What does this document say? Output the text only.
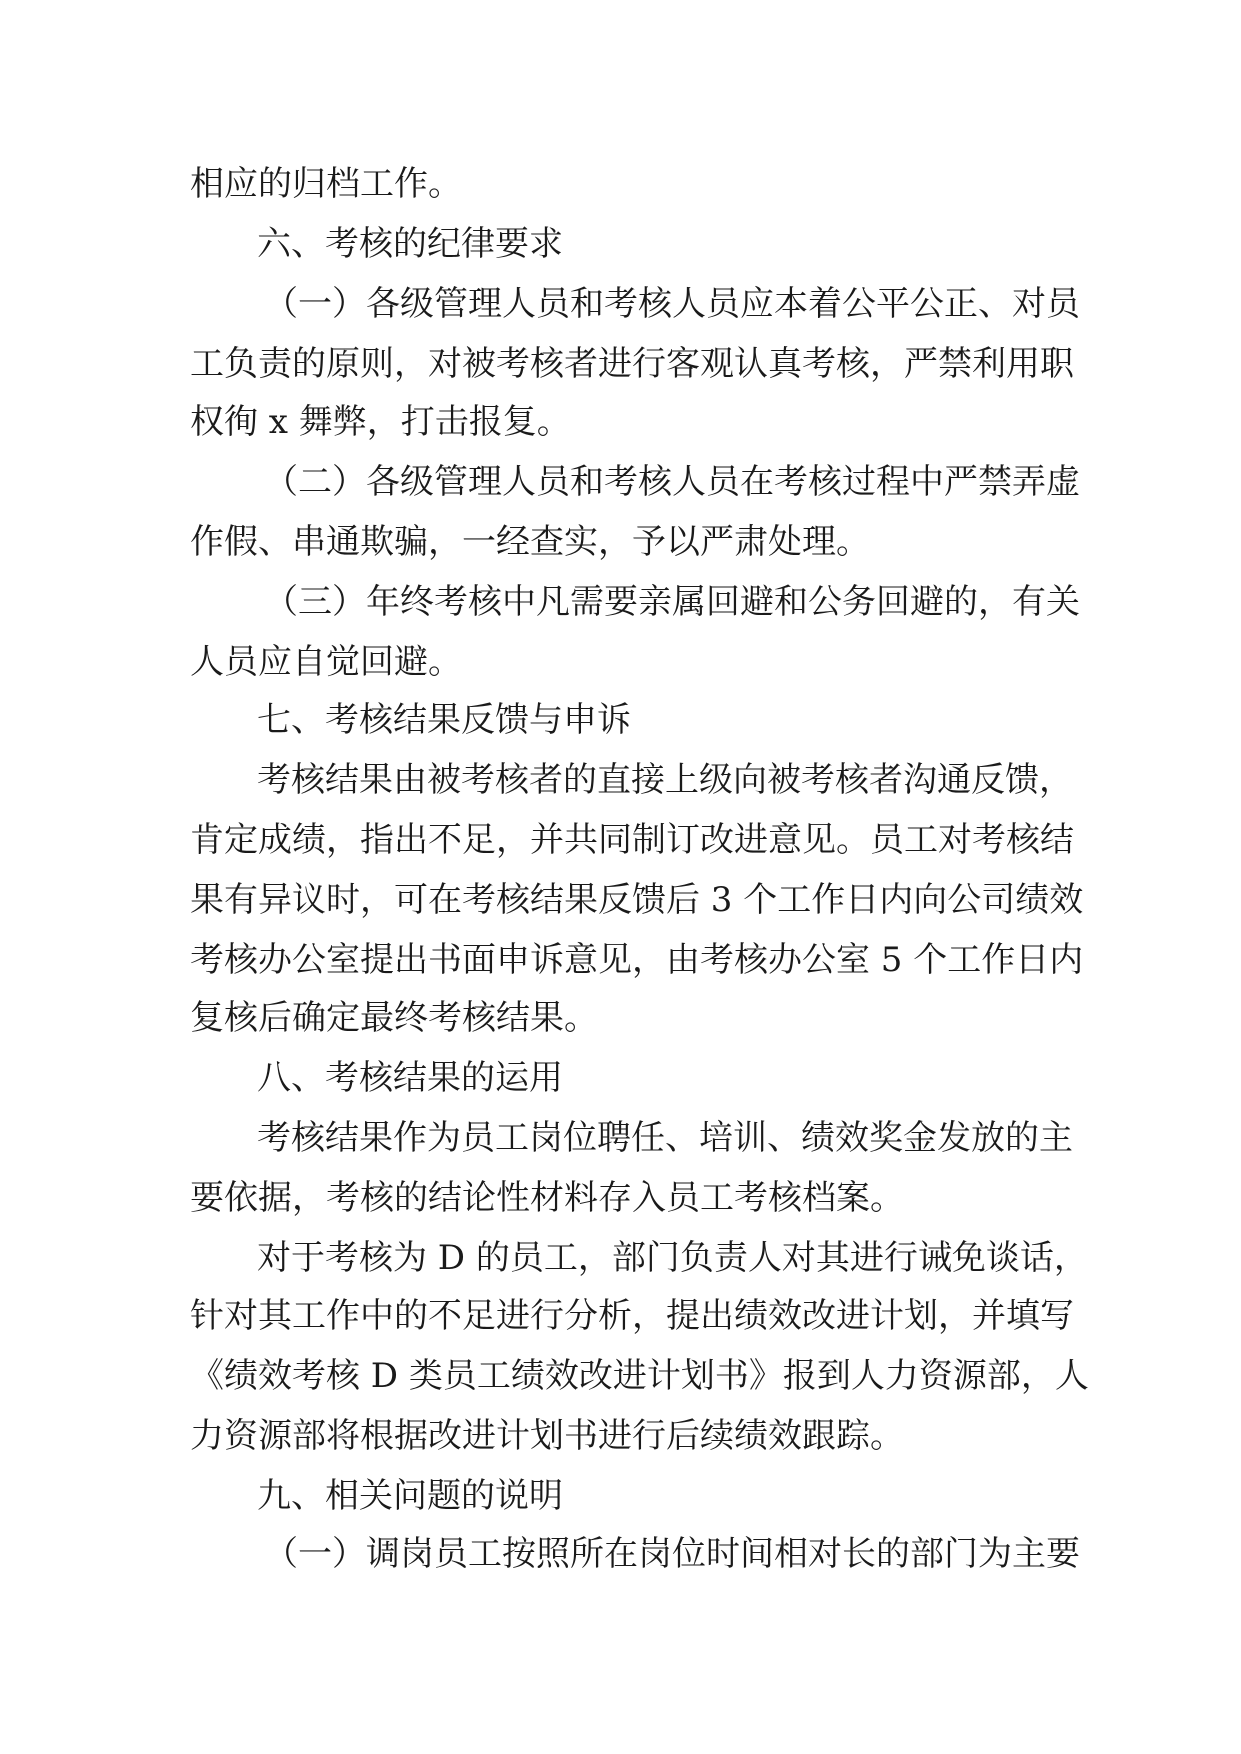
相应的归档工作。

六、考核的纪律要求

（一）各级管理人员和考核人员应本着公平公正、对员

工负责的原则，对被考核者进行客观认真考核，严禁利用职

权徇 x 舞弊，打击报复。

（二）各级管理人员和考核人员在考核过程中严禁弄虚

作假、串通欺骗，一经查实，予以严肃处理。

（三）年终考核中凡需要亲属回避和公务回避的，有关

人员应自觉回避。

七、考核结果反馈与申诉

考核结果由被考核者的直接上级向被考核者沟通反馈，

肯定成绩，指出不足，并共同制订改进意见。员工对考核结

果有异议时，可在考核结果反馈后 3 个工作日内向公司绩效

考核办公室提出书面申诉意见，由考核办公室 5 个工作日内

复核后确定最终考核结果。

八、考核结果的运用

考核结果作为员工岗位聘任、培训、绩效奖金发放的主

要依据，考核的结论性材料存入员工考核档案。

对于考核为 D 的员工，部门负责人对其进行诫免谈话，

针对其工作中的不足进行分析，提出绩效改进计划，并填写

《绩效考核 D 类员工绩效改进计划书》报到人力资源部，人

力资源部将根据改进计划书进行后续绩效跟踪。

九、相关问题的说明

（一）调岗员工按照所在岗位时间相对长的部门为主要
